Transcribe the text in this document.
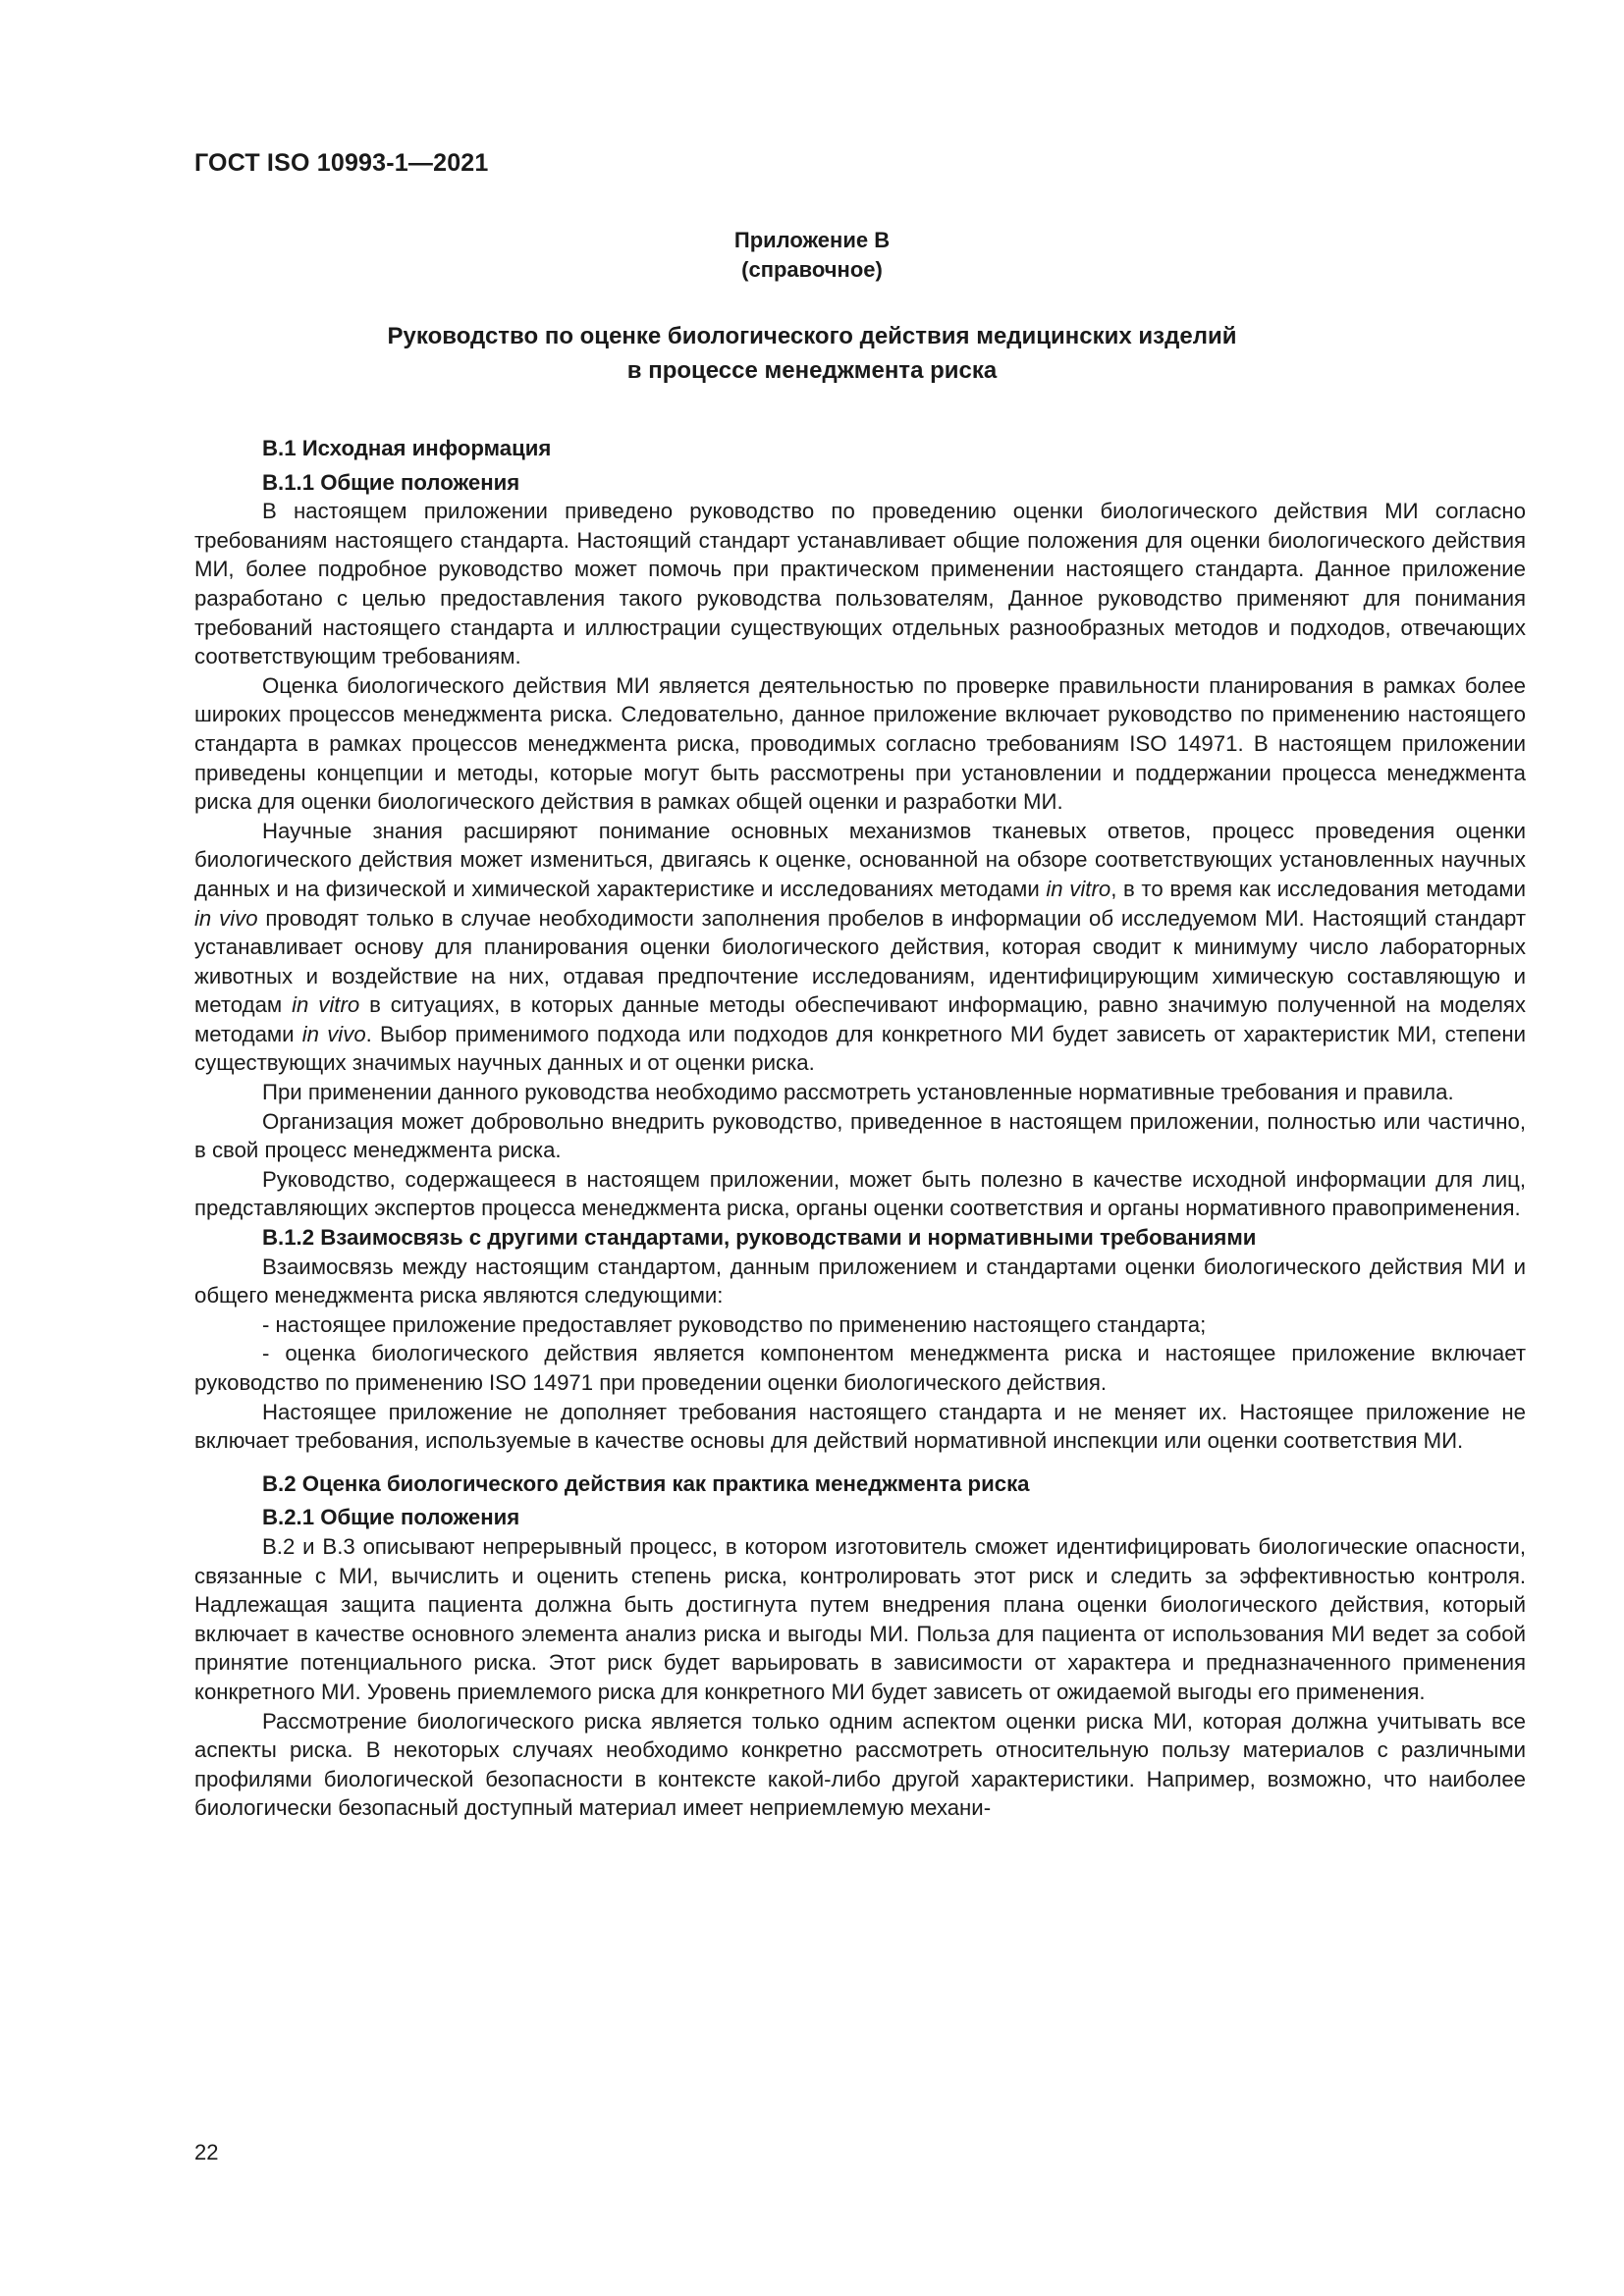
ГОСТ ISO 10993-1—2021
Приложение В
(справочное)
Руководство по оценке биологического действия медицинских изделий
в процессе менеджмента риска

В.1 Исходная информация

В.1.1 Общие положения

В настоящем приложении приведено руководство по проведению оценки биологического действия МИ согласно требованиям настоящего стандарта. Настоящий стандарт устанавливает общие положения для оценки биологического действия МИ, более подробное руководство может помочь при практическом применении настоящего стандарта. Данное приложение разработано с целью предоставления такого руководства пользователям, Данное руководство применяют для понимания требований настоящего стандарта и иллюстрации существующих отдельных разнообразных методов и подходов, отвечающих соответствующим требованиям.

Оценка биологического действия МИ является деятельностью по проверке правильности планирования в рамках более широких процессов менеджмента риска. Следовательно, данное приложение включает руководство по применению настоящего стандарта в рамках процессов менеджмента риска, проводимых согласно требованиям ISO 14971. В настоящем приложении приведены концепции и методы, которые могут быть рассмотрены при установлении и поддержании процесса менеджмента риска для оценки биологического действия в рамках общей оценки и разработки МИ.

Научные знания расширяют понимание основных механизмов тканевых ответов, процесс проведения оценки биологического действия может измениться, двигаясь к оценке, основанной на обзоре соответствующих установленных научных данных и на физической и химической характеристике и исследованиях методами in vitro, в то время как исследования методами in vivo проводят только в случае необходимости заполнения пробелов в информации об исследуемом МИ. Настоящий стандарт устанавливает основу для планирования оценки биологического действия, которая сводит к минимуму число лабораторных животных и воздействие на них, отдавая предпочтение исследованиям, идентифицирующим химическую составляющую и методам in vitro в ситуациях, в которых данные методы обеспечивают информацию, равно значимую полученной на моделях методами in vivo. Выбор применимого подхода или подходов для конкретного МИ будет зависеть от характеристик МИ, степени существующих значимых научных данных и от оценки риска.

При применении данного руководства необходимо рассмотреть установленные нормативные требования и правила.

Организация может добровольно внедрить руководство, приведенное в настоящем приложении, полностью или частично, в свой процесс менеджмента риска.

Руководство, содержащееся в настоящем приложении, может быть полезно в качестве исходной информации для лиц, представляющих экспертов процесса менеджмента риска, органы оценки соответствия и органы нормативного правоприменения.

В.1.2 Взаимосвязь с другими стандартами, руководствами и нормативными требованиями

Взаимосвязь между настоящим стандартом, данным приложением и стандартами оценки биологического действия МИ и общего менеджмента риска являются следующими:

- настоящее приложение предоставляет руководство по применению настоящего стандарта;

- оценка биологического действия является компонентом менеджмента риска и настоящее приложение включает руководство по применению ISO 14971 при проведении оценки биологического действия.

Настоящее приложение не дополняет требования настоящего стандарта и не меняет их. Настоящее приложение не включает требования, используемые в качестве основы для действий нормативной инспекции или оценки соответствия МИ.

В.2 Оценка биологического действия как практика менеджмента риска

В.2.1 Общие положения

В.2 и В.3 описывают непрерывный процесс, в котором изготовитель сможет идентифицировать биологические опасности, связанные с МИ, вычислить и оценить степень риска, контролировать этот риск и следить за эффективностью контроля. Надлежащая защита пациента должна быть достигнута путем внедрения плана оценки биологического действия, который включает в качестве основного элемента анализ риска и выгоды МИ. Польза для пациента от использования МИ ведет за собой принятие потенциального риска. Этот риск будет варьировать в зависимости от характера и предназначенного применения конкретного МИ. Уровень приемлемого риска для конкретного МИ будет зависеть от ожидаемой выгоды его применения.

Рассмотрение биологического риска является только одним аспектом оценки риска МИ, которая должна учитывать все аспекты риска. В некоторых случаях необходимо конкретно рассмотреть относительную пользу материалов с различными профилями биологической безопасности в контексте какой-либо другой характеристики. Например, возможно, что наиболее биологически безопасный доступный материал имеет неприемлемую механи-

22
